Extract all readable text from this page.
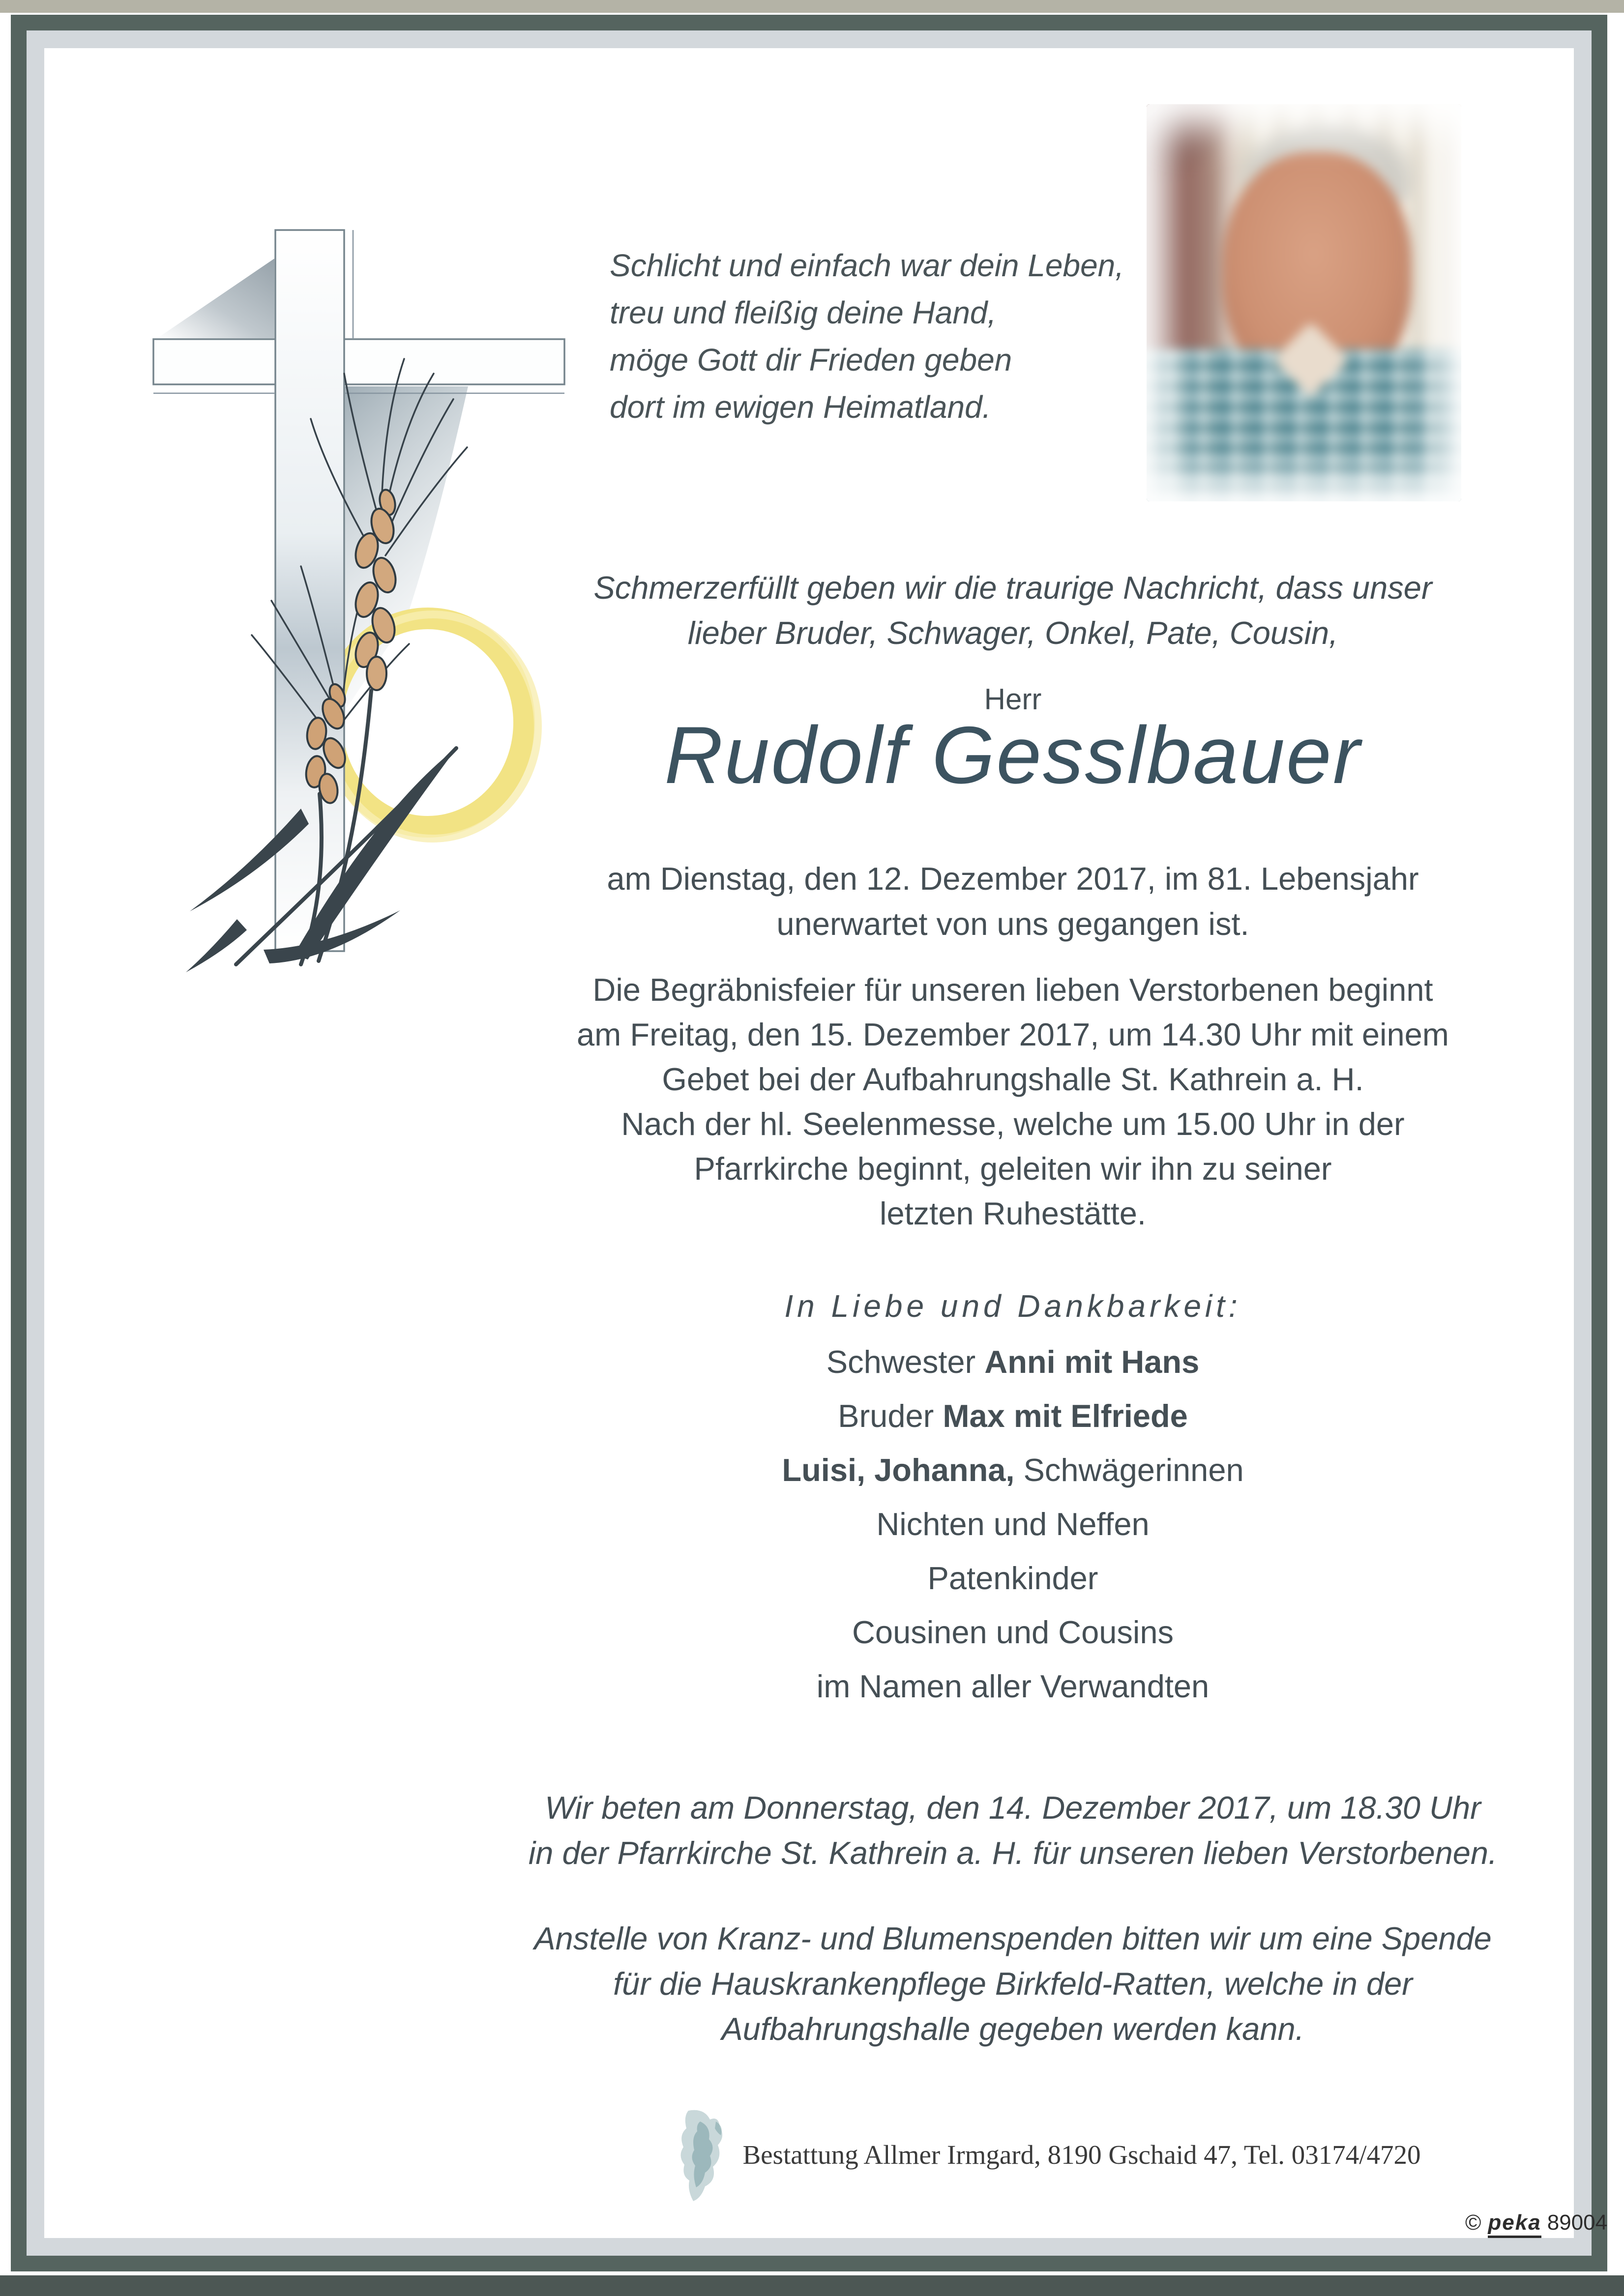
Schlicht und einfach war dein Leben,
treu und fleißig deine Hand,
möge Gott dir Frieden geben
dort im ewigen Heimatland.
Schmerzerfüllt geben wir die traurige Nachricht, dass unser
lieber Bruder, Schwager, Onkel, Pate, Cousin,
Herr
Rudolf Gesslbauer
am Dienstag, den 12. Dezember 2017, im 81. Lebensjahr
unerwartet von uns gegangen ist.
Die Begräbnisfeier für unseren lieben Verstorbenen beginnt
am Freitag, den 15. Dezember 2017, um 14.30 Uhr mit einem
Gebet bei der Aufbahrungshalle St. Kathrein a. H.
Nach der hl. Seelenmesse, welche um 15.00 Uhr in der
Pfarrkirche beginnt, geleiten wir ihn zu seiner
letzten Ruhestätte.
In Liebe und Dankbarkeit:
Schwester Anni mit Hans
Bruder Max mit Elfriede
Luisi, Johanna, Schwägerinnen
Nichten und Neffen
Patenkinder
Cousinen und Cousins
im Namen aller Verwandten
Wir beten am Donnerstag, den 14. Dezember 2017, um 18.30 Uhr
in der Pfarrkirche St. Kathrein a. H. für unseren lieben Verstorbenen.
Anstelle von Kranz- und Blumenspenden bitten wir um eine Spende
für die Hauskrankenpflege Birkfeld-Ratten, welche in der
Aufbahrungshalle gegeben werden kann.
Bestattung Allmer Irmgard, 8190 Gschaid 47, Tel. 03174/4720
© peka 89004
